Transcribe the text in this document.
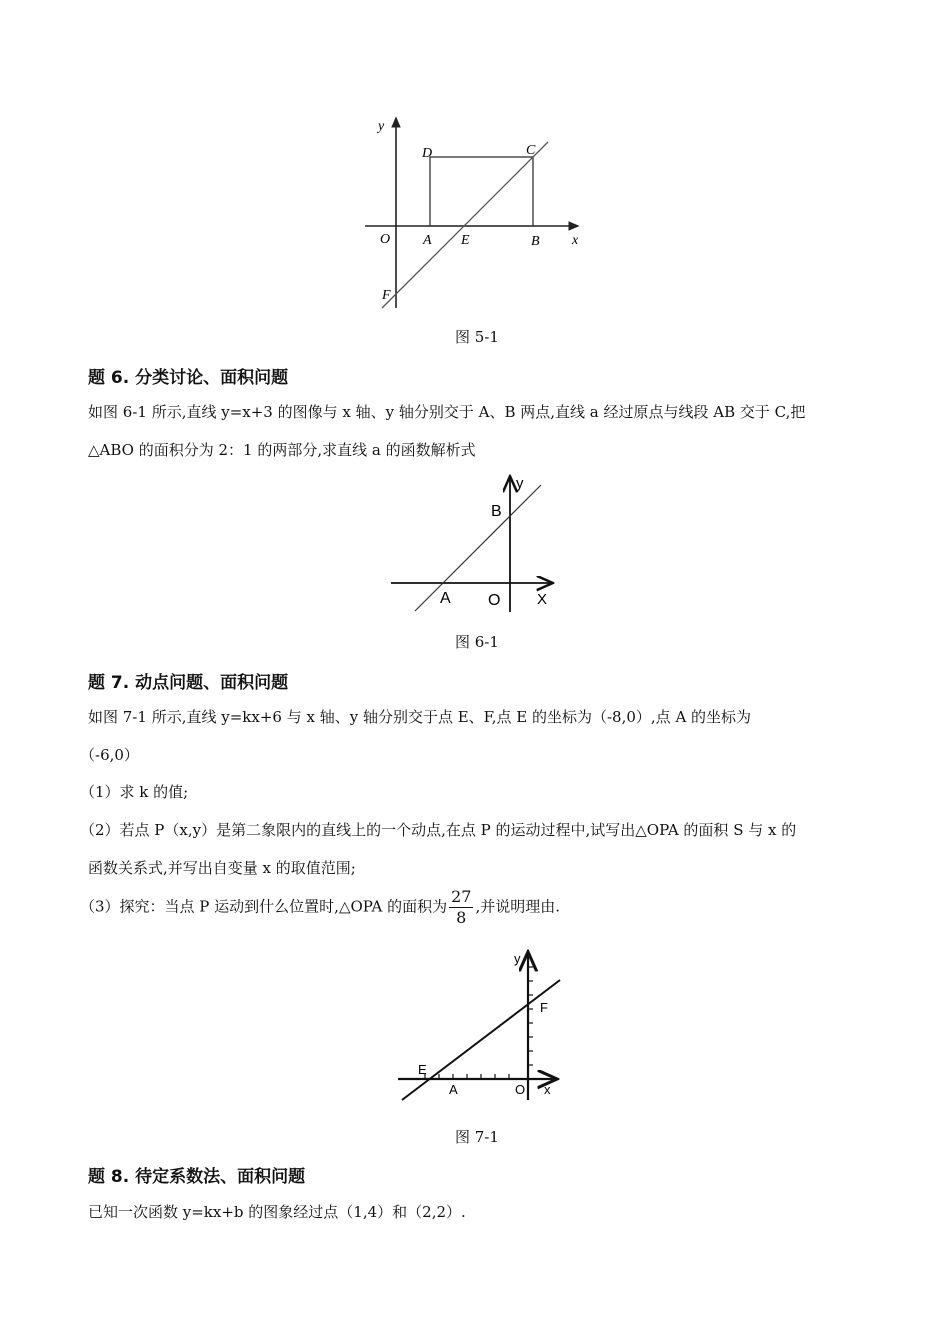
y
D	C
O A E	B x
F
图 5-1
题 6. 分类讨论、面积问题
如图 6-1 所示,直线 y=x+3 的图像与 x 轴、y 轴分别交于 A、B 两点,直线 a 经过原点与线段 AB 交于 C,把
△ABO 的面积分为 2：1 的两部分,求直线 a 的函数解析式
y
B
A O X
图 6-1
题 7. 动点问题、面积问题
如图 7-1 所示,直线 y=kx+6 与 x 轴、y 轴分别交于点 E、F,点 E 的坐标为（-8,0）,点 A 的坐标为
（-6,0）
（1）求 k 的值;
（2）若点 P（x,y）是第二象限内的直线上的一个动点,在点 P 的运动过程中,试写出△OPA 的面积 S 与 x 的
函数关系式,并写出自变量 x 的取值范围;
（3）探究：当点 P 运动到什么位置时,△OPA 的面积为 $\frac{27}{8}$ ,并说明理由.
y
F
E
A	O x
图 7-1
题 8. 待定系数法、面积问题
已知一次函数 y=kx+b 的图象经过点（1,4）和（2,2）.
